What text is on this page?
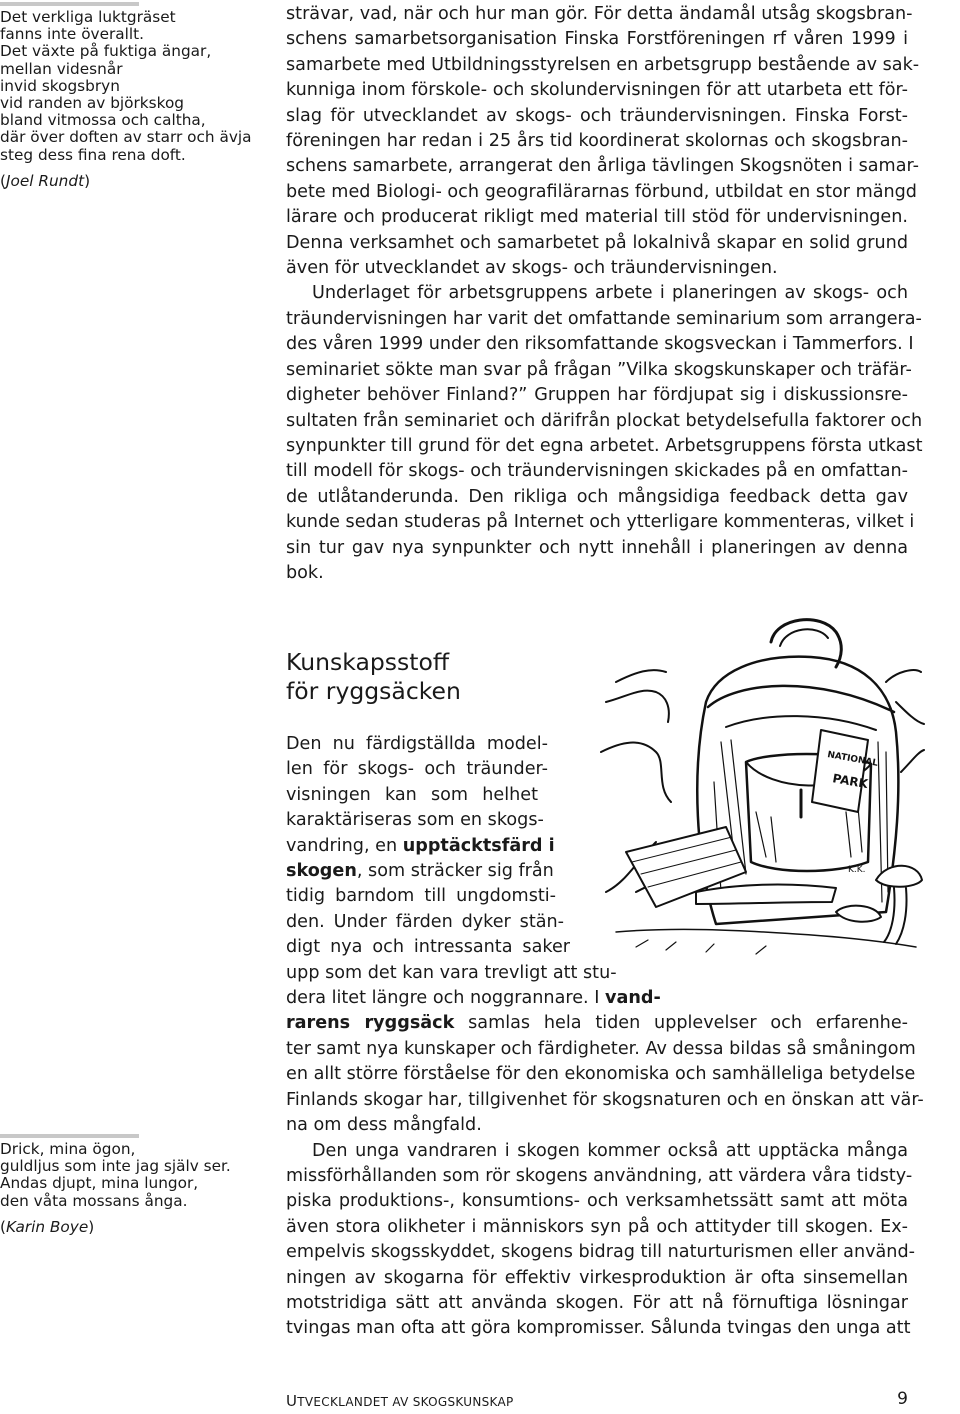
Det verkliga luktgräset
fanns inte överallt.
Det växte på fuktiga ängar,
mellan videsnår
invid skogsbryn
vid randen av björkskog
bland vitmossa och caltha,
där över doften av starr och ävja
steg dess fina rena doft.
(Joel Rundt)
Drick, mina ögon,
guldljus som inte jag själv ser.
Andas djupt, mina lungor,
den våta mossans ånga.
(Karin Boye)

strävar, vad, när och hur man gör. För detta ändamål utsåg skogsbran-
schens samarbetsorganisation Finska Forstföreningen rf våren 1999 i
samarbete med Utbildningsstyrelsen en arbetsgrupp bestående av sak-
kunniga inom förskole- och skolundervisningen för att utarbeta ett för-
slag för utvecklandet av skogs- och träundervisningen. Finska Forst-
föreningen har redan i 25 års tid koordinerat skolornas och skogsbran-
schens samarbete, arrangerat den årliga tävlingen Skogsnöten i samar-
bete med Biologi- och geografilärarnas förbund, utbildat en stor mängd
lärare och producerat rikligt med material till stöd för undervisningen.
Denna verksamhet och samarbetet på lokalnivå skapar en solid grund
även för utvecklandet av skogs- och träundervisningen.

Underlaget för arbetsgruppens arbete i planeringen av skogs- och
träundervisningen har varit det omfattande seminarium som arrangera-
des våren 1999 under den riksomfattande skogsveckan i Tammerfors. I
seminariet sökte man svar på frågan ”Vilka skogskunskaper och träfär-
digheter behöver Finland?” Gruppen har fördjupat sig i diskussionsre-
sultaten från seminariet och därifrån plockat betydelsefulla faktorer och
synpunkter till grund för det egna arbetet. Arbetsgruppens första utkast
till modell för skogs- och träundervisningen skickades på en omfattan-
de utlåtanderunda. Den rikliga och mångsidiga feedback detta gav
kunde sedan studeras på Internet och ytterligare kommenteras, vilket i
sin tur gav nya synpunkter och nytt innehåll i planeringen av denna
bok.

Kunskapsstoff
för ryggsäcken
NATIONAL
PARK
K.K.

Den nu färdigställda model-
len för skogs- och träunder-
visningen kan som helhet
karaktäriseras som en skogs-
vandring, en upptäcktsfärd i
skogen, som sträcker sig från
tidig barndom till ungdomsti-
den. Under färden dyker stän-
digt nya och intressanta saker
upp som det kan vara trevligt att stu-
dera litet längre och noggrannare. I vand-
rarens ryggsäck samlas hela tiden upplevelser och erfarenhe-
ter samt nya kunskaper och färdigheter. Av dessa bildas så småningom
en allt större förståelse för den ekonomiska och samhälleliga betydelse
Finlands skogar har, tillgivenhet för skogsnaturen och en önskan att vär-
na om dess mångfald.

Den unga vandraren i skogen kommer också att upptäcka många
missförhållanden som rör skogens användning, att värdera våra tidsty-
piska produktions-, konsumtions- och verksamhetssätt samt att möta
även stora olikheter i människors syn på och attityder till skogen. Ex-
empelvis skogsskyddet, skogens bidrag till naturturismen eller använd-
ningen av skogarna för effektiv virkesproduktion är ofta sinsemellan
motstridiga sätt att använda skogen. För att nå förnuftiga lösningar
tvingas man ofta att göra kompromisser. Sålunda tvingas den unga att

UTVECKLANDET AV SKOGSKUNSKAP	9
